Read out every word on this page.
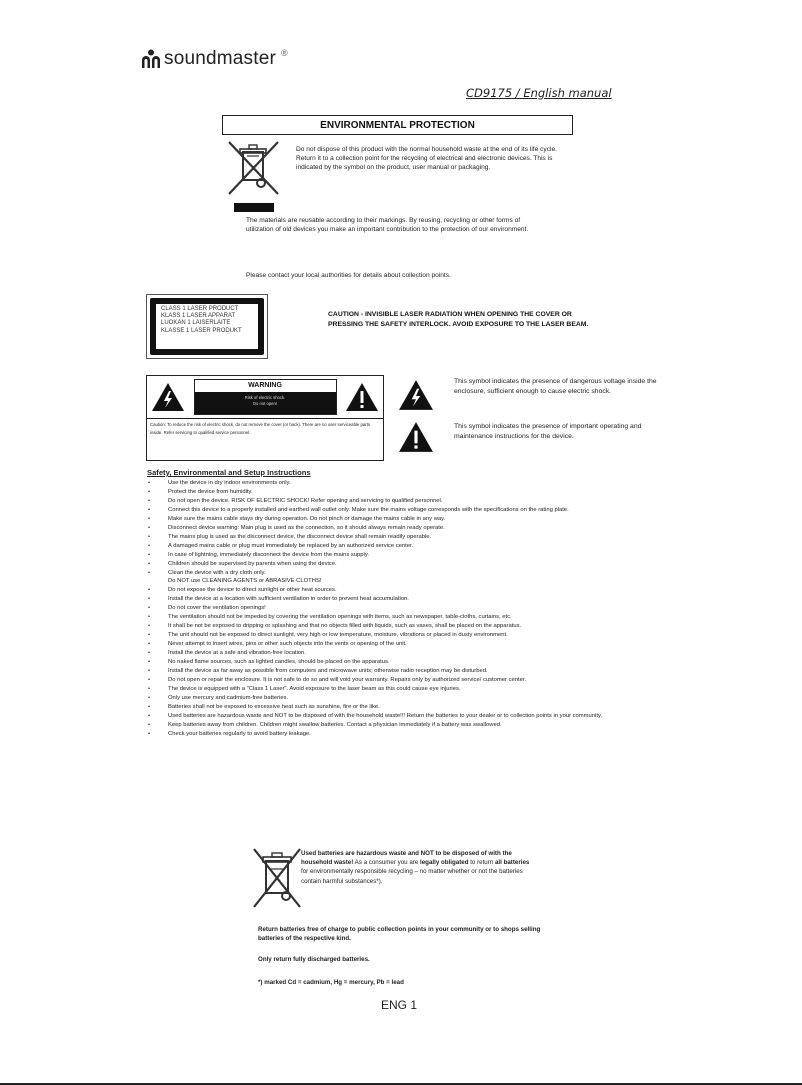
soundmaster ®
CD9175 / English manual
ENVIRONMENTAL PROTECTION
Do not dispose of this product with the normal household waste at the end of its life cycle. Return it to a collection point for the recycling of electrical and electronic devices. This is indicated by the symbol on the product, user manual or packaging.
The materials are reusable according to their markings. By reusing, recycling or other forms of utilization of old devices you make an important contribution to the protection of our environment.
Please contact your local authorities for details about collection points.
CLASS 1 LASER PRODUCT
KLASS 1 LASER APPARAT
LUOKAN 1 LAISERLAITE
KLASSE 1 LASER PRODUKT
CAUTION - INVISIBLE LASER RADIATION WHEN OPENING THE COVER OR
PRESSING THE SAFETY INTERLOCK. AVOID EXPOSURE TO THE LASER BEAM.
WARNING
Risk of electric shock.
Do not open!
Caution: To reduce the risk of electric shock, do not remove the cover (or back). There are no user serviceable parts inside. Refer servicing to qualified service personnel.
This symbol indicates the presence of dangerous voltage inside the enclosure, sufficient enough to cause electric shock.
This symbol indicates the presence of important operating and maintenance instructions for the device.
Safety, Environmental and Setup Instructions
• Use the device in dry indoor environments only.
• Protect the device from humidity.
• Do not open the device. RISK OF ELECTRIC SHOCK! Refer opening and servicing to qualified personnel.
• Connect this device to a properly installed and earthed wall outlet only. Make sure the mains voltage corresponds with the specifications on the rating plate.
• Make sure the mains cable stays dry during operation. Do not pinch or damage the mains cable in any way.
• Disconnect device warning: Main plug is used as the connection, so it should always remain ready operate.
• The mains plug is used as the disconnect device, the disconnect device shall remain readily operable.
• A damaged mains cable or plug must immediately be replaced by an authorized service center.
• In case of lightning, immediately disconnect the device from the mains supply.
• Children should be supervised by parents when using the device.
• Clean the device with a dry cloth only.
Do NOT use CLEANING AGENTS or ABRASIVE CLOTHS!
• Do not expose the device to direct sunlight or other heat sources.
• Install the device at a location with sufficient ventilation in order to prevent heat accumulation.
• Do not cover the ventilation openings!
• The ventilation should not be impeded by covering the ventilation openings with items, such as newspaper, table-cloths, curtains, etc.
• It shall be not be exposed to dripping or splashing and that no objects filled with liquids, such as vases, shall be placed on the apparatus.
• The unit should not be exposed to direct sunlight, very high or low temperature, moisture, vibrations or placed in dusty environment.
• Never attempt to insert wires, pins or other such objects into the vents or opening of the unit.
• Install the device at a safe and vibration-free location.
• No naked flame sources, such as lighted candles, should be placed on the apparatus.
• Install the device as far away as possible from computers and microwave units; otherwise radio reception may be disturbed.
• Do not open or repair the enclosure. It is not safe to do so and will void your warranty. Repairs only by authorized service/ customer center.
• The device is equipped with a "Class 1 Laser". Avoid exposure to the laser beam as this could cause eye injuries.
• Only use mercury and cadmium-free batteries.
• Batteries shall not be exposed to excessive heat such as sunshine, fire or the like.
• Used batteries are hazardous waste and NOT to be disposed of with the household waste!!! Return the batteries to your dealer or to collection points in your community.
• Keep batteries away from children. Children might swallow batteries. Contact a physician immediately if a battery was swallowed.
• Check your batteries regularly to avoid battery leakage.
Used batteries are hazardous waste and NOT to be disposed of with the household waste! As a consumer you are legally obligated to return all batteries for environmentally responsible recycling – no matter whether or not the batteries contain harmful substances*).
Return batteries free of charge to public collection points in your community or to shops selling batteries of the respective kind.
Only return fully discharged batteries.
*) marked Cd = cadmium, Hg = mercury, Pb = lead
ENG 1
